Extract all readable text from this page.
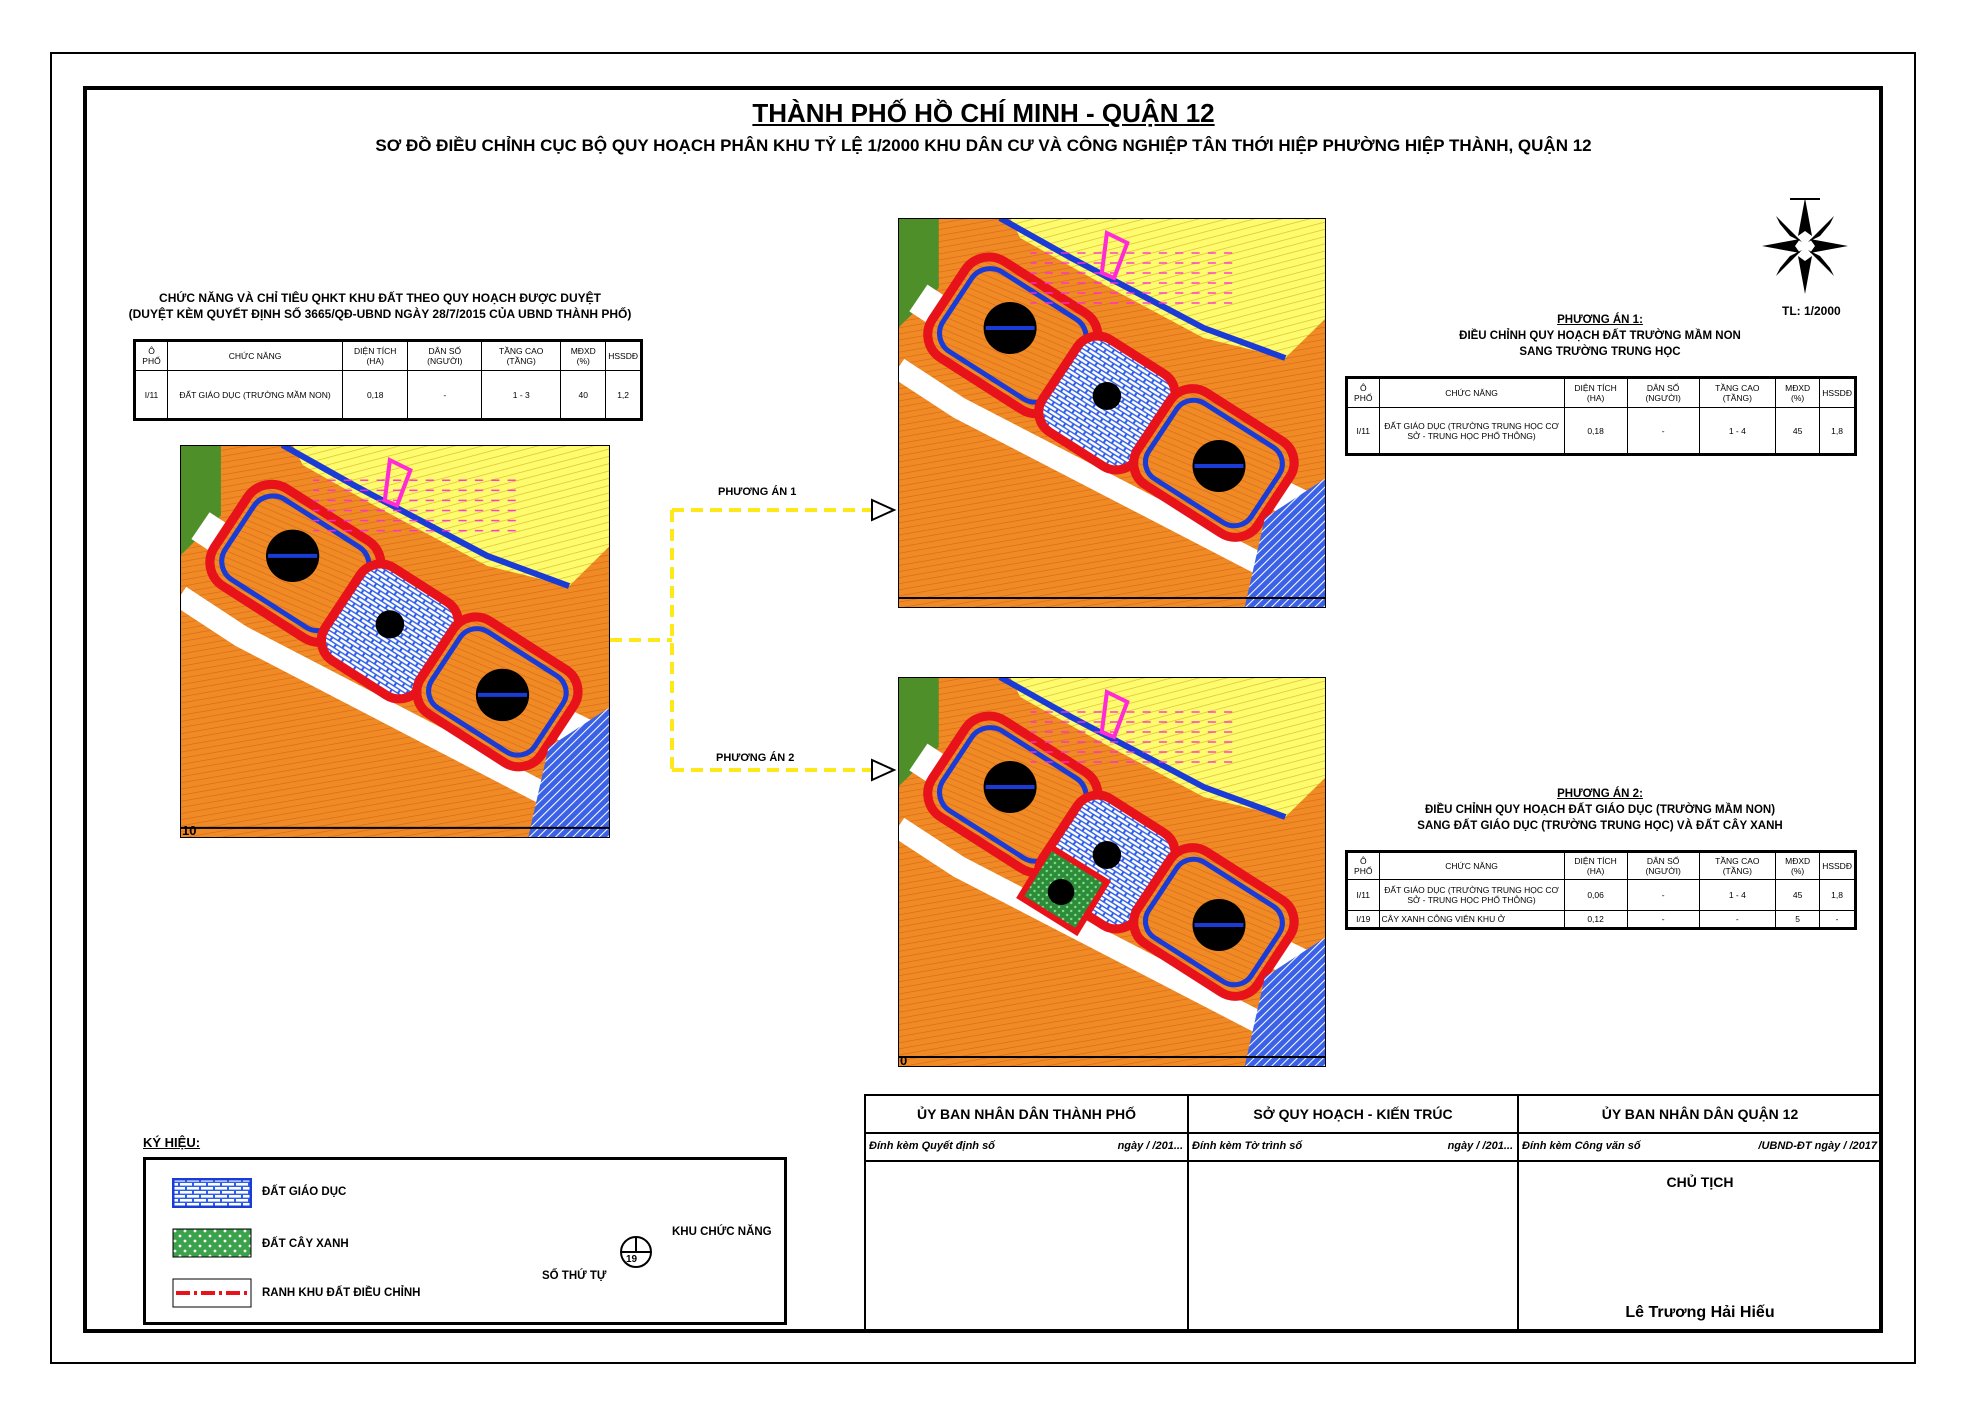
THÀNH PHỐ HỒ CHÍ MINH - QUẬN 12
SƠ ĐỒ ĐIỀU CHỈNH CỤC BỘ QUY HOẠCH PHÂN KHU TỶ LỆ 1/2000 KHU DÂN CƯ VÀ CÔNG NGHIỆP TÂN THỚI HIỆP PHƯỜNG HIỆP THÀNH, QUẬN 12
CHỨC NĂNG VÀ CHỈ TIÊU QHKT KHU ĐẤT THEO QUY HOẠCH ĐƯỢC DUYỆT
(DUYỆT KÈM QUYẾT ĐỊNH SỐ 3665/QĐ-UBND NGÀY 28/7/2015 CỦA UBND THÀNH PHỐ)
Ô PHỐ	CHỨC NĂNG	DIỆN TÍCH (HA)	DÂN SỐ (NGƯỜI)	TẦNG CAO (TẦNG)	MĐXD (%)	HSSDĐ
I/11	ĐẤT GIÁO DỤC (TRƯỜNG MẦM NON)	0,18	-	1 - 3	40	1,2
10
PHƯƠNG ÁN 1
PHƯƠNG ÁN 2
0
TL: 1/2000
PHƯƠNG ÁN 1:
ĐIỀU CHỈNH QUY HOẠCH ĐẤT TRƯỜNG MẦM NON
SANG TRƯỜNG TRUNG HỌC
Ô PHỐ	CHỨC NĂNG	DIỆN TÍCH (HA)	DÂN SỐ (NGƯỜI)	TẦNG CAO (TẦNG)	MĐXD (%)	HSSDĐ
I/11	ĐẤT GIÁO DỤC (TRƯỜNG TRUNG HỌC CƠ SỞ - TRUNG HỌC PHỔ THÔNG)	0,18	-	1 - 4	45	1,8
PHƯƠNG ÁN 2:
ĐIỀU CHỈNH QUY HOẠCH ĐẤT GIÁO DỤC (TRƯỜNG MẦM NON)
SANG ĐẤT GIÁO DỤC (TRƯỜNG TRUNG HỌC) VÀ ĐẤT CÂY XANH
Ô PHỐ	CHỨC NĂNG	DIỆN TÍCH (HA)	DÂN SỐ (NGƯỜI)	TẦNG CAO (TẦNG)	MĐXD (%)	HSSDĐ
I/11	ĐẤT GIÁO DỤC (TRƯỜNG TRUNG HỌC CƠ SỞ - TRUNG HỌC PHỔ THÔNG)	0,06	-	1 - 4	45	1,8
I/19	CÂY XANH CÔNG VIÊN KHU Ở	0,12	-	-	5	-
KÝ HIỆU:
ĐẤT GIÁO DỤC
ĐẤT CÂY XANH
RANH KHU ĐẤT ĐIỀU CHỈNH
19
KHU CHỨC NĂNG
SỐ THỨ TỰ
ỦY BAN NHÂN DÂN THÀNH PHỐ
Đính kèm Quyết định số	ngày / /201...
SỞ QUY HOẠCH - KIẾN TRÚC
Đính kèm Tờ trình số	ngày / /201...
ỦY BAN NHÂN DÂN QUẬN 12
Đính kèm Công văn số	/UBND-ĐT ngày / /2017
CHỦ TỊCH
Lê Trương Hải Hiếu
